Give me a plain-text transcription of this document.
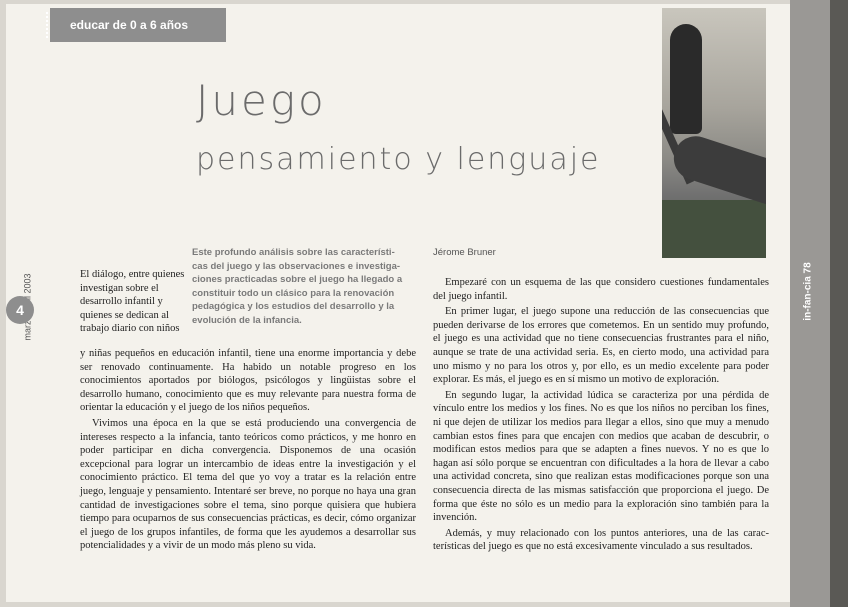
educar de 0 a 6 años
Juego
pensamiento y lenguaje
4

Este profundo análisis sobre las características del juego y las observaciones e investigaciones practicadas sobre el juego ha llegado a constituir todo un clásico para la renovación pedagógica y los estudios del desarrollo y la evolución de la infancia.

El diálogo, entre quienes investigan sobre el desarrollo infantil y quienes se dedican al trabajo diario con niños

y niñas pequeños en educación infantil, tiene una enorme importancia y debe ser renovado continuamente. Ha habido un notable progreso en los conocimientos aportados por biólogos, psicólogos y lingüistas sobre el desarrollo humano, conocimiento que es muy relevante para nuestra forma de orientar la educación y el juego de los niños pequeños.

Vivimos una época en la que se está produciendo una convergencia de intereses respecto a la infancia, tanto teóricos como prácticos, y me honro en poder participar en dicha convergencia. Disponemos de una ocasión excepcional para lograr un intercambio de ideas entre la investigación y el conocimiento práctico. El tema del que yo voy a tratar es la relación entre juego, lenguaje y pensamiento. Intentaré ser breve, no porque no haya una gran cantidad de investigaciones sobre el tema, sino porque quisiera que hubiera tiempo para ocuparnos de sus consecuencias prácticas, es decir, cómo organizar el juego de los grupos infantiles, de forma que les ayudemos a desarrollar sus potencialidades y a vivir de un modo más pleno su vida.

Jérome Bruner

Empezaré con un esquema de las que considero cuestiones fundamentales del juego infantil.

En primer lugar, el juego supone una reducción de las consecuencias que pueden derivarse de los errores que cometemos. En un sentido muy profundo, el juego es una actividad que no tiene consecuencias frustrantes para el niño, aunque se trate de una actividad seria. Es, en cierto modo, una actividad para uno mismo y no para los otros y, por ello, es un medio excelente para poder explorar. Es más, el juego es en sí mismo un motivo de exploración.

En segundo lugar, la actividad lúdica se caracteriza por una pérdida de vínculo entre los medios y los fines. No es que los niños no perciban los fines, ni que dejen de utilizar los medios para llegar a ellos, sino que muy a menudo cambian estos fines para que encajen con medios que acaban de descubrir, o modifican estos medios para que se adapten a fines nuevos. Y no es que lo hagan así sólo porque se encuentran con dificultades a la hora de llevar a cabo una actividad concreta, sino que realizan estas modificaciones porque son una consecuencia directa de las mismas satisfacción que proporciona el juego. De forma que éste no sólo es un medio para la exploración sino también para la invención.

Además, y muy relacionado con los puntos anteriores, una de las características del juego es que no está excesivamente vinculado a sus resultados.

in-fan-cia 78
